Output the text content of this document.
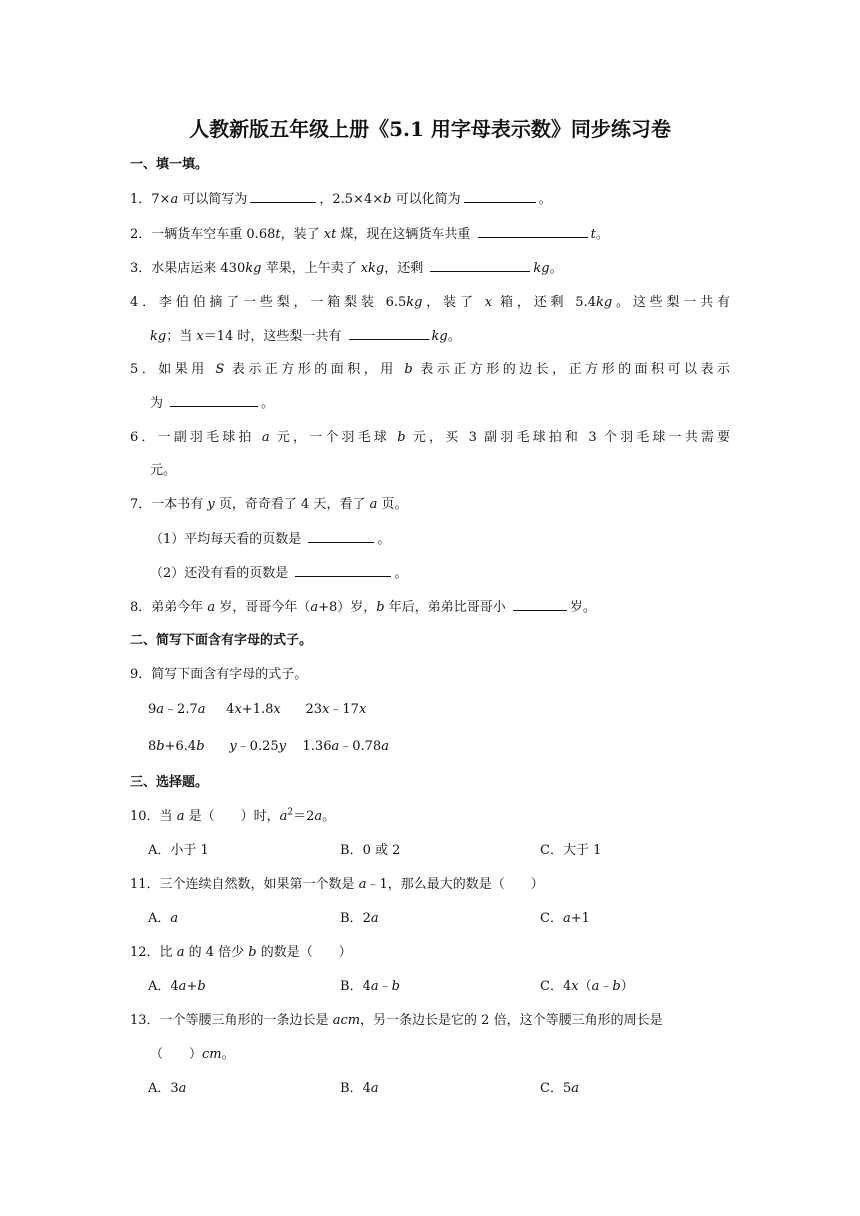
人教新版五年级上册《5.1 用字母表示数》同步练习卷
一、填一填。
1．7×a 可以简写为	，2.5×4×b 可以化简为	。
2．一辆货车空车重 0.68t，装了 xt 煤，现在这辆货车共重	t。
3．水果店运来 430kg 苹果，上午卖了 xkg，还剩	kg。
4．李伯伯摘了一些梨，一箱梨装 6.5kg，装了 x 箱，还剩 5.4kg。这些梨一共有
kg；当 x＝14 时，这些梨一共有	kg。
5．如果用 S 表示正方形的面积，用 b 表示正方形的边长，正方形的面积可以表示
为	。
6．一副羽毛球拍 a 元，一个羽毛球 b 元，买 3 副羽毛球拍和 3 个羽毛球一共需要
元。
7．一本书有 y 页，奇奇看了 4 天，看了 a 页。
（1）平均每天看的页数是	。
（2）还没有看的页数是	。
8．弟弟今年 a 岁，哥哥今年（a+8）岁，b 年后，弟弟比哥哥小	岁。
二、简写下面含有字母的式子。
9．简写下面含有字母的式子。
9a﹣2.7a 4x+1.8x 23x﹣17x
8b+6.4b y﹣0.25y 1.36a﹣0.78a
三、选择题。
10．当 a 是（　　）时，$a^2=2a$。
A．小于 1	B．0 或 2	C．大于 1
11．三个连续自然数，如果第一个数是 a﹣1，那么最大的数是（　　）
A．a	B．2a	C．a+1
12．比 a 的 4 倍少 b 的数是（　　）
A．4a+b	B．4a﹣b	C．4x（a﹣b）
13．一个等腰三角形的一条边长是 acm，另一条边长是它的 2 倍，这个等腰三角形的周长是
（　　）cm。
A．3a	B．4a	C．5a
